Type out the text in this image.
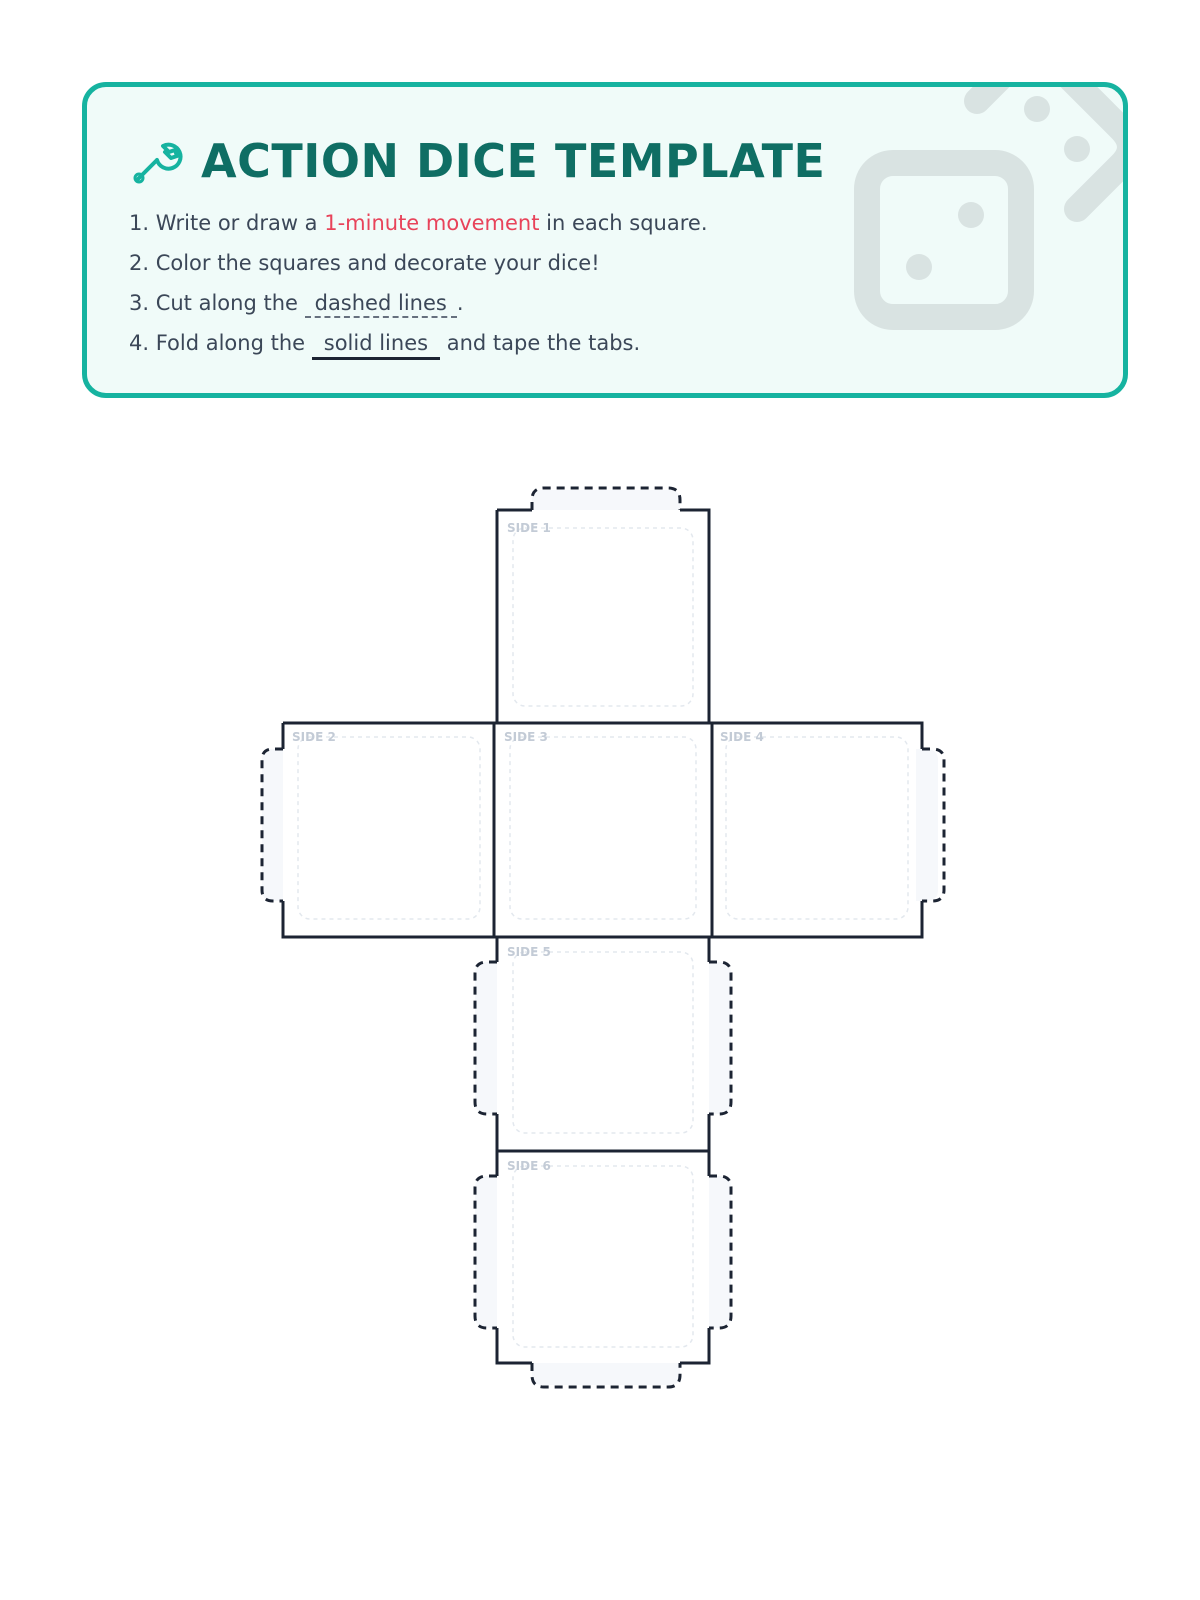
ACTION DICE TEMPLATE
1. Write or draw a 1-minute movement in each square.
2. Color the squares and decorate your dice!
3. Cut along the dashed lines .
4. Fold along the solid lines and tape the tabs.
SIDE 1
SIDE 2	SIDE 3	SIDE 4
SIDE 5
SIDE 6
